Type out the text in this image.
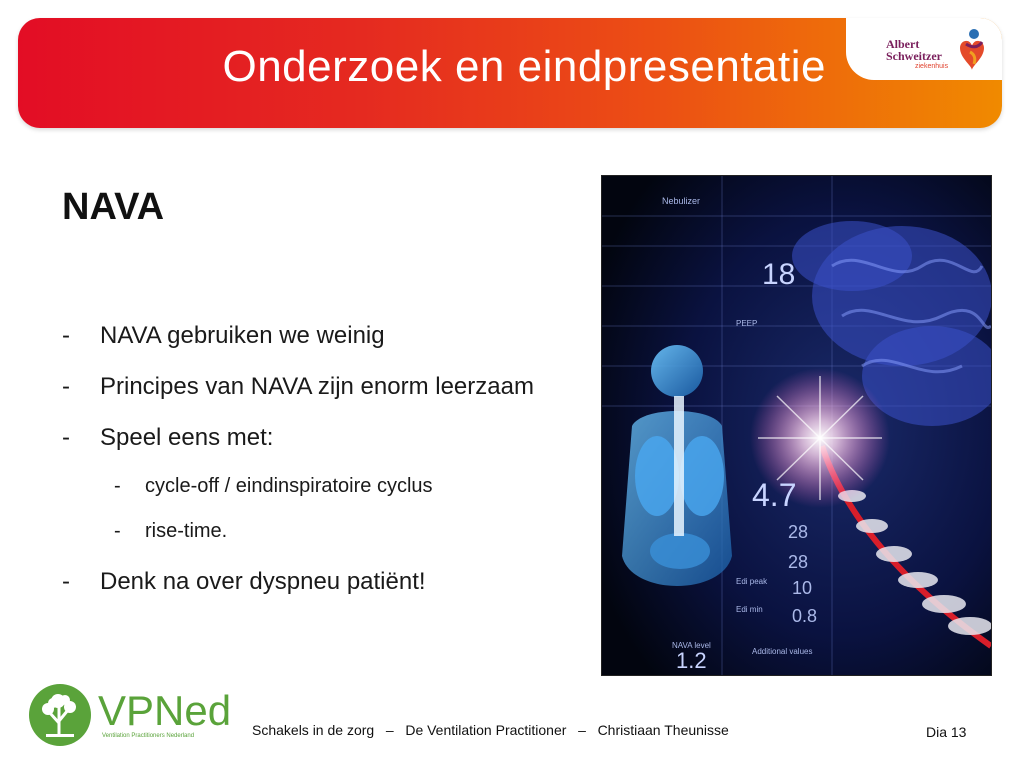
Onderzoek en eindpresentatie	Albert
Schweitzer
ziekenhuis
NAVA
- NAVA gebruiken we weinig
- Principes van NAVA zijn enorm leerzaam
- Speel eens met:
- cycle-off / eindinspiratoire cyclus
- rise-time.
- Denk na over dyspneu patiënt!
Nebulizer
18
PEEP
4.7
28
28
Edi peak 10
Edi min 0.8
NAVA level
1.2	Additional values
VPNed
Ventilation Practitioners Nederland	Schakels in de zorg – De Ventilation Practitioner – Christiaan Theunisse	Dia 13
